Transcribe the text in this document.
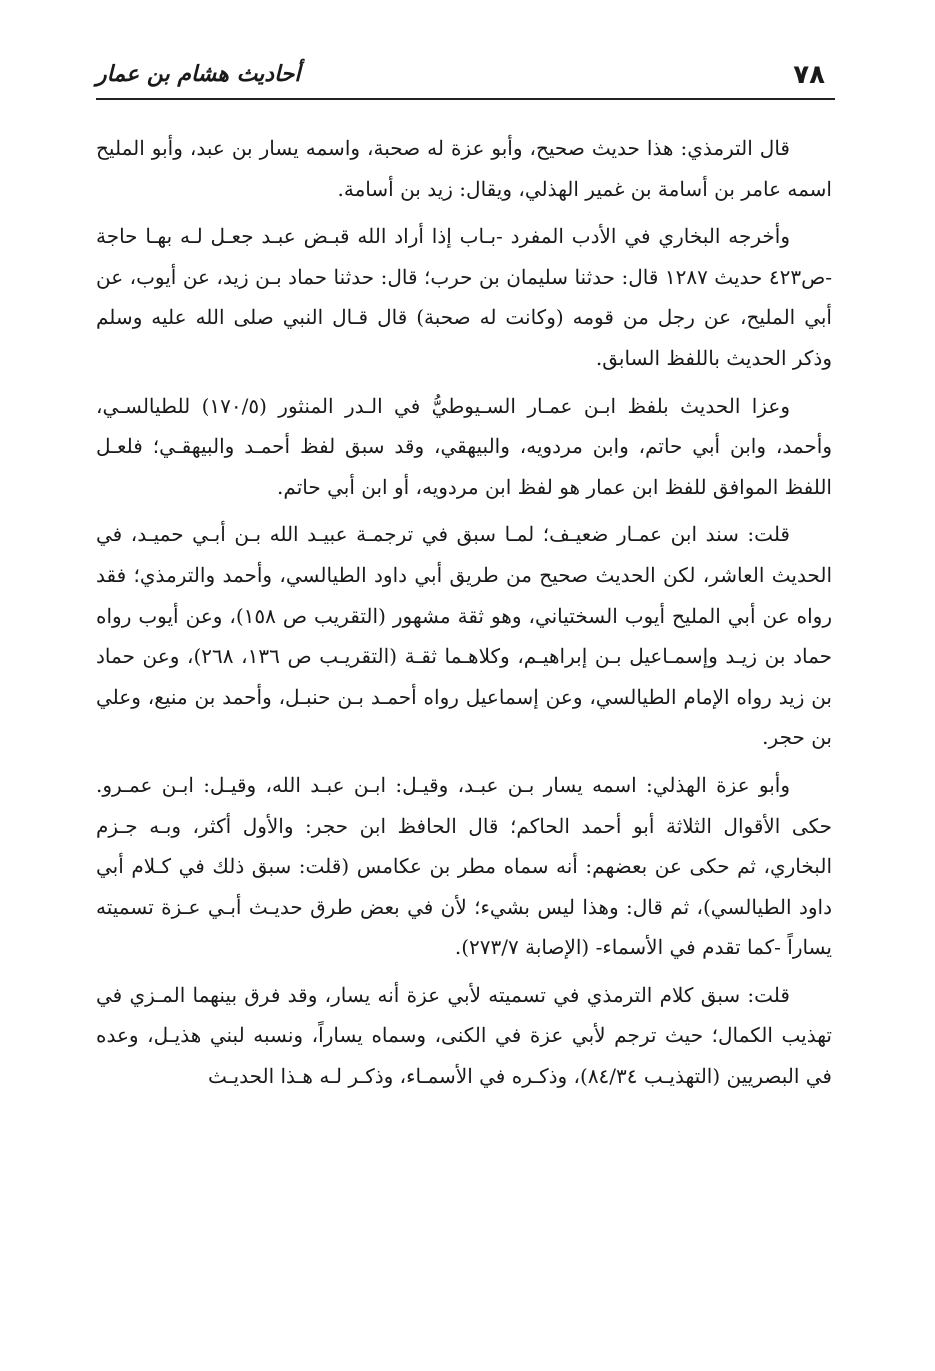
٧٨
أحاديث هشام بن عمار

قال الترمذي: هذا حديث صحيح، وأبو عزة له صحبة، واسمه يسار بن عبد، وأبو المليح اسمه عامر بن أسامة بن غمير الهذلي، ويقال: زيد بن أسامة.

وأخرجه البخاري في الأدب المفرد -بـاب إذا أراد الله قبـض عبـد جعـل لـه بهـا حاجة -ص٤٢٣ حديث ١٢٨٧ قال: حدثنا سليمان بن حرب؛ قال: حدثنا حماد بـن زيد، عن أيوب، عن أبي المليح، عن رجل من قومه (وكانت له صحبة) قال قـال النبي صلى الله عليه وسلم وذكر الحديث باللفظ السابق.

وعزا الحديث بلفظ ابـن عمـار السـيوطيُّ في الـدر المنثور (١٧٠/٥) للطيالسـي، وأحمد، وابن أبي حاتم، وابن مردويه، والبيهقي، وقد سبق لفظ أحمـد والبيهقـي؛ فلعـل اللفظ الموافق للفظ ابن عمار هو لفظ ابن مردويه، أو ابن أبي حاتم.

قلت: سند ابن عمـار ضعيـف؛ لمـا سبق في ترجمـة عبيـد الله بـن أبـي حميـد، في الحديث العاشر، لكن الحديث صحيح من طريق أبي داود الطيالسي، وأحمد والترمذي؛ فقد رواه عن أبي المليح أيوب السختياني، وهو ثقة مشهور (التقريب ص ١٥٨)، وعن أيوب رواه حماد بن زيـد وإسمـاعيل بـن إبراهيـم، وكلاهـما ثقـة (التقريـب ص ١٣٦، ٢٦٨)، وعن حماد بن زيد رواه الإمام الطيالسي، وعن إسماعيل رواه أحمـد بـن حنبـل، وأحمد بن منيع، وعلي بن حجر.

وأبو عزة الهذلي: اسمه يسار بـن عبـد، وقيـل: ابـن عبـد الله، وقيـل: ابـن عمـرو. حكى الأقوال الثلاثة أبو أحمد الحاكم؛ قال الحافظ ابن حجر: والأول أكثر، وبـه جـزم البخاري، ثم حكى عن بعضهم: أنه سماه مطر بن عكامس (قلت: سبق ذلك في كـلام أبي داود الطيالسي)، ثم قال: وهذا ليس بشيء؛ لأن في بعض طرق حديـث أبـي عـزة تسميته يساراً -كما تقدم في الأسماء- (الإصابة ٢٧٣/٧).

قلت: سبق كلام الترمذي في تسميته لأبي عزة أنه يسار، وقد فرق بينهما المـزي في تهذيب الكمال؛ حيث ترجم لأبي عزة في الكنى، وسماه يساراً، ونسبه لبني هذيـل، وعده في البصريين (التهذيـب ٨٤/٣٤)، وذكـره في الأسمـاء، وذكـر لـه هـذا الحديـث
